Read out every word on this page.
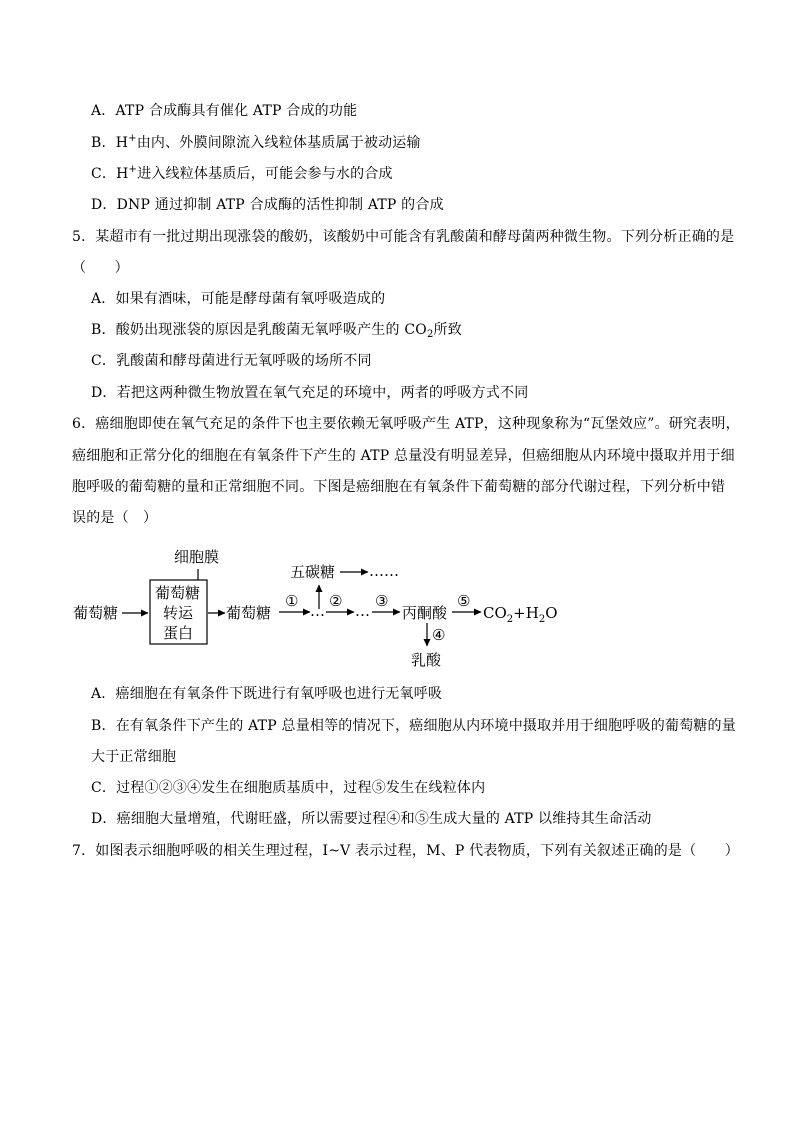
A．ATP 合成酶具有催化 ATP 合成的功能
B．H+由内、外膜间隙流入线粒体基质属于被动运输
C．H+进入线粒体基质后，可能会参与水的合成
D．DNP 通过抑制 ATP 合成酶的活性抑制 ATP 的合成
5．某超市有一批过期出现涨袋的酸奶，该酸奶中可能含有乳酸菌和酵母菌两种微生物。下列分析正确的是
（　　）
A．如果有酒味，可能是酵母菌有氧呼吸造成的
B．酸奶出现涨袋的原因是乳酸菌无氧呼吸产生的 $CO_2$所致
C．乳酸菌和酵母菌进行无氧呼吸的场所不同
D．若把这两种微生物放置在氧气充足的环境中，两者的呼吸方式不同
6．癌细胞即使在氧气充足的条件下也主要依赖无氧呼吸产生 ATP，这种现象称为“瓦堡效应”。研究表明，
癌细胞和正常分化的细胞在有氧条件下产生的 ATP 总量没有明显差异，但癌细胞从内环境中摄取并用于细
胞呼吸的葡萄糖的量和正常细胞不同。下图是癌细胞在有氧条件下葡萄糖的部分代谢过程，下列分析中错
误的是（　）
细胞膜
葡萄糖
葡萄糖
转运
蛋白
葡萄糖
①
…
五碳糖 ……
②
…
③
丙酮酸
⑤
$CO_2+H_2O$
④
乳酸
A．癌细胞在有氧条件下既进行有氧呼吸也进行无氧呼吸
B．在有氧条件下产生的 ATP 总量相等的情况下，癌细胞从内环境中摄取并用于细胞呼吸的葡萄糖的量
大于正常细胞
C．过程①②③④发生在细胞质基质中，过程⑤发生在线粒体内
D．癌细胞大量增殖，代谢旺盛，所以需要过程④和⑤生成大量的 ATP 以维持其生命活动
7．如图表示细胞呼吸的相关生理过程，I~V 表示过程，M、P 代表物质，下列有关叙述正确的是（　　）
